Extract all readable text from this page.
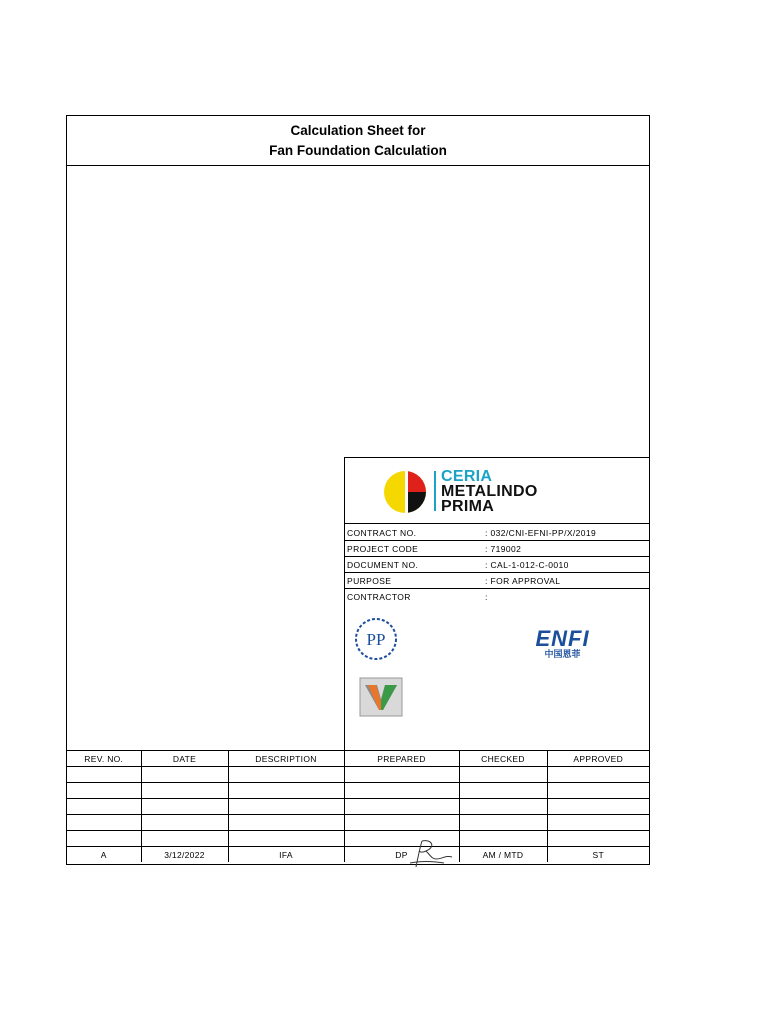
Calculation Sheet for
Fan Foundation Calculation
CERIA
METALINDO
PRIMA
CONTRACT NO.	: 032/CNI-EFNI-PP/X/2019
PROJECT CODE	: 719002
DOCUMENT NO.	: CAL-1-012-C-0010
PURPOSE	: FOR APPROVAL
CONTRACTOR	:
PP	ENFI
中国恩菲
REV. NO.	DATE	DESCRIPTION	PREPARED	CHECKED	APPROVED

A	3/12/2022	IFA	DP	AM / MTD	ST
